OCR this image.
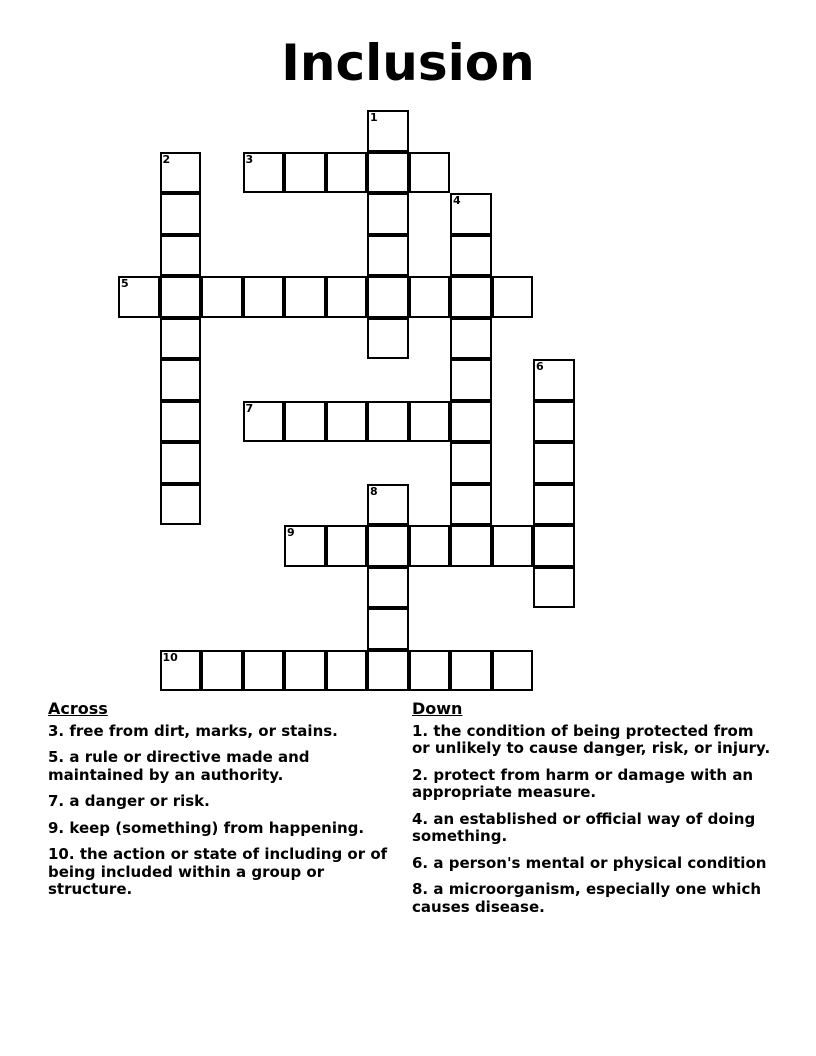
Inclusion
1
2	3
4
5
6
7
8
9
10
Across
3. free from dirt, marks, or stains.
5. a rule or directive made and maintained by an authority.
7. a danger or risk.
9. keep (something) from happening.
10. the action or state of including or of being included within a group or structure.
Down
1. the condition of being protected from or unlikely to cause danger, risk, or injury.
2. protect from harm or damage with an appropriate measure.
4. an established or official way of doing something.
6. a person's mental or physical condition
8. a microorganism, especially one which causes disease.
